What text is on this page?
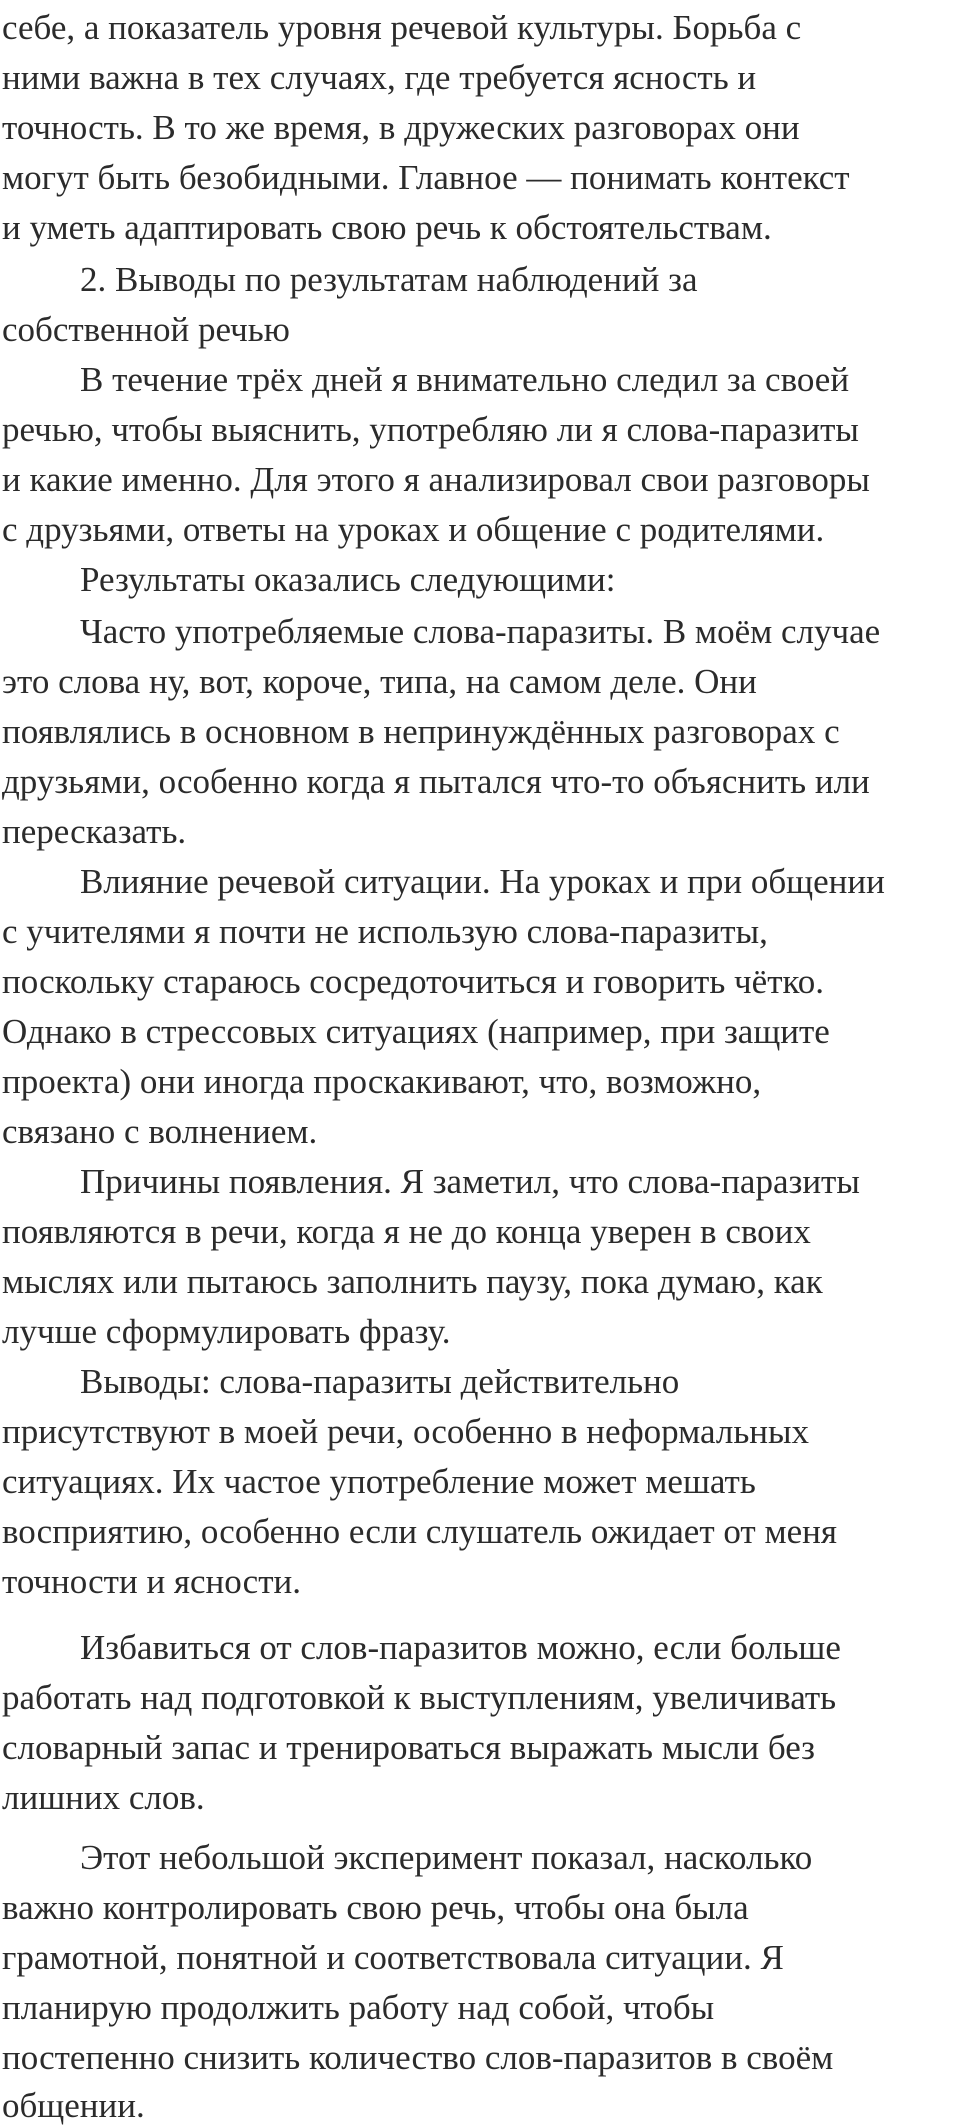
себе, а показатель уровня речевой культуры. Борьба с
ними важна в тех случаях, где требуется ясность и
точность. В то же время, в дружеских разговорах они
могут быть безобидными. Главное — понимать контекст
и уметь адаптировать свою речь к обстоятельствам.
2. Выводы по результатам наблюдений за
собственной речью
В течение трёх дней я внимательно следил за своей
речью, чтобы выяснить, употребляю ли я слова-паразиты
и какие именно. Для этого я анализировал свои разговоры
с друзьями, ответы на уроках и общение с родителями.
Результаты оказались следующими:
Часто употребляемые слова-паразиты. В моём случае
это слова ну, вот, короче, типа, на самом деле. Они
появлялись в основном в непринуждённых разговорах с
друзьями, особенно когда я пытался что-то объяснить или
пересказать.
Влияние речевой ситуации. На уроках и при общении
с учителями я почти не использую слова-паразиты,
поскольку стараюсь сосредоточиться и говорить чётко.
Однако в стрессовых ситуациях (например, при защите
проекта) они иногда проскакивают, что, возможно,
связано с волнением.
Причины появления. Я заметил, что слова-паразиты
появляются в речи, когда я не до конца уверен в своих
мыслях или пытаюсь заполнить паузу, пока думаю, как
лучше сформулировать фразу.
Выводы: слова-паразиты действительно
присутствуют в моей речи, особенно в неформальных
ситуациях. Их частое употребление может мешать
восприятию, особенно если слушатель ожидает от меня
точности и ясности.
Избавиться от слов-паразитов можно, если больше
работать над подготовкой к выступлениям, увеличивать
словарный запас и тренироваться выражать мысли без
лишних слов.
Этот небольшой эксперимент показал, насколько
важно контролировать свою речь, чтобы она была
грамотной, понятной и соответствовала ситуации. Я
планирую продолжить работу над собой, чтобы
постепенно снизить количество слов-паразитов в своём
общении.
